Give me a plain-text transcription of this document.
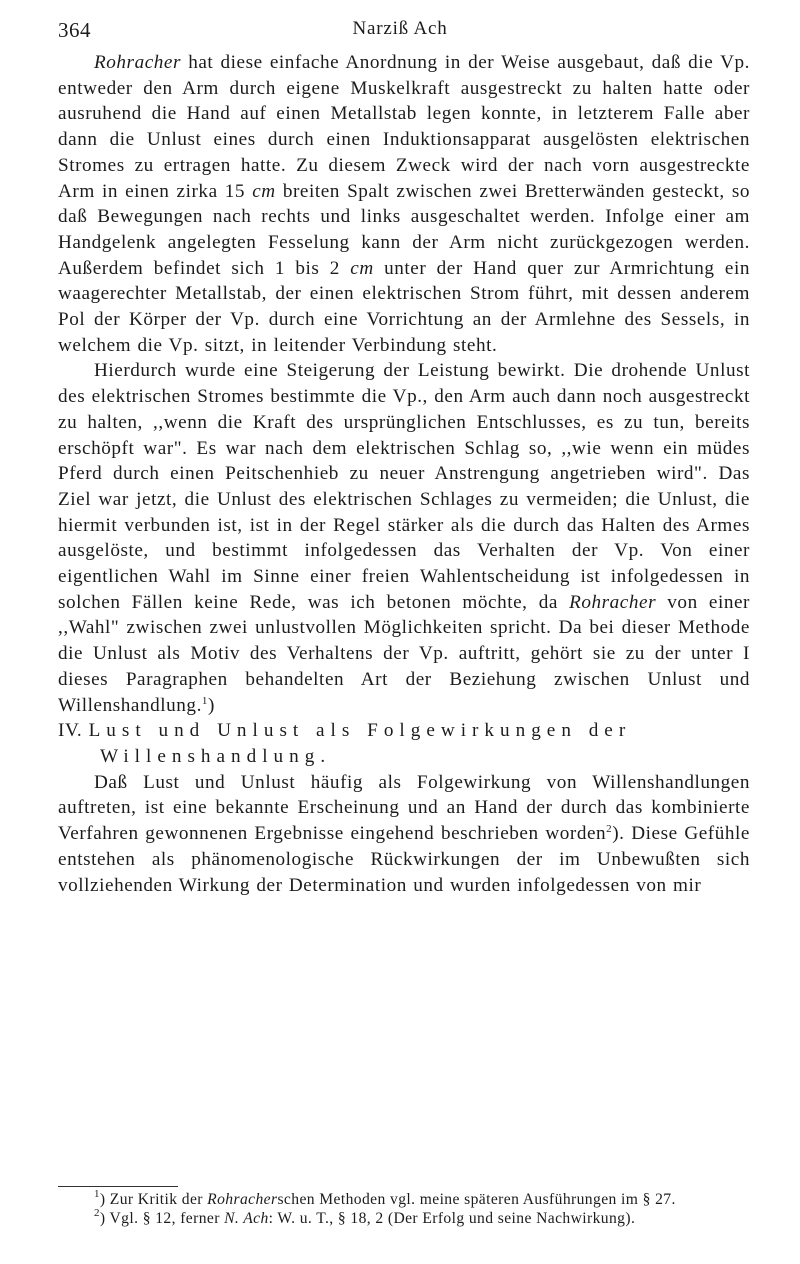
364	Narziß Ach

Rohracher hat diese einfache Anordnung in der Weise ausgebaut, daß die Vp. entweder den Arm durch eigene Muskelkraft ausgestreckt zu halten hatte oder ausruhend die Hand auf einen Metallstab legen konnte, in letzterem Falle aber dann die Unlust eines durch einen Induktionsapparat ausgelösten elektrischen Stromes zu ertragen hatte. Zu diesem Zweck wird der nach vorn ausgestreckte Arm in einen zirka 15 cm breiten Spalt zwischen zwei Bretterwänden gesteckt, so daß Bewegungen nach rechts und links ausgeschaltet werden. Infolge einer am Handgelenk angelegten Fesselung kann der Arm nicht zurückgezogen werden. Außerdem befindet sich 1 bis 2 cm unter der Hand quer zur Armrichtung ein waagerechter Metallstab, der einen elektrischen Strom führt, mit dessen anderem Pol der Körper der Vp. durch eine Vorrichtung an der Armlehne des Sessels, in welchem die Vp. sitzt, in leitender Verbindung steht.

Hierdurch wurde eine Steigerung der Leistung bewirkt. Die drohende Unlust des elektrischen Stromes bestimmte die Vp., den Arm auch dann noch ausgestreckt zu halten, ,,wenn die Kraft des ursprünglichen Entschlusses, es zu tun, bereits erschöpft war". Es war nach dem elektrischen Schlag so, ,,wie wenn ein müdes Pferd durch einen Peitschenhieb zu neuer Anstrengung angetrieben wird". Das Ziel war jetzt, die Unlust des elektrischen Schlages zu vermeiden; die Unlust, die hiermit verbunden ist, ist in der Regel stärker als die durch das Halten des Armes ausgelöste, und bestimmt infolgedessen das Verhalten der Vp. Von einer eigentlichen Wahl im Sinne einer freien Wahlentscheidung ist infolgedessen in solchen Fällen keine Rede, was ich betonen möchte, da Rohracher von einer ,,Wahl" zwischen zwei unlustvollen Möglichkeiten spricht. Da bei dieser Methode die Unlust als Motiv des Verhaltens der Vp. auftritt, gehört sie zu der unter I dieses Paragraphen behandelten Art der Beziehung zwischen Unlust und Willenshandlung.$^1$)

IV. Lust und Unlust als Folgewirkungen der
Willenshandlung.

Daß Lust und Unlust häufig als Folgewirkung von Willenshandlungen auftreten, ist eine bekannte Erscheinung und an Hand der durch das kombinierte Verfahren gewonnenen Ergebnisse eingehend beschrieben worden$^2$). Diese Gefühle entstehen als phänomenologische Rückwirkungen der im Unbewußten sich vollziehenden Wirkung der Determination und wurden infolgedessen von mir

$^1$) Zur Kritik der Rohracherschen Methoden vgl. meine späteren Ausführungen im § 27.

$^2$) Vgl. § 12, ferner N. Ach: W. u. T., § 18, 2 (Der Erfolg und seine Nachwirkung).
